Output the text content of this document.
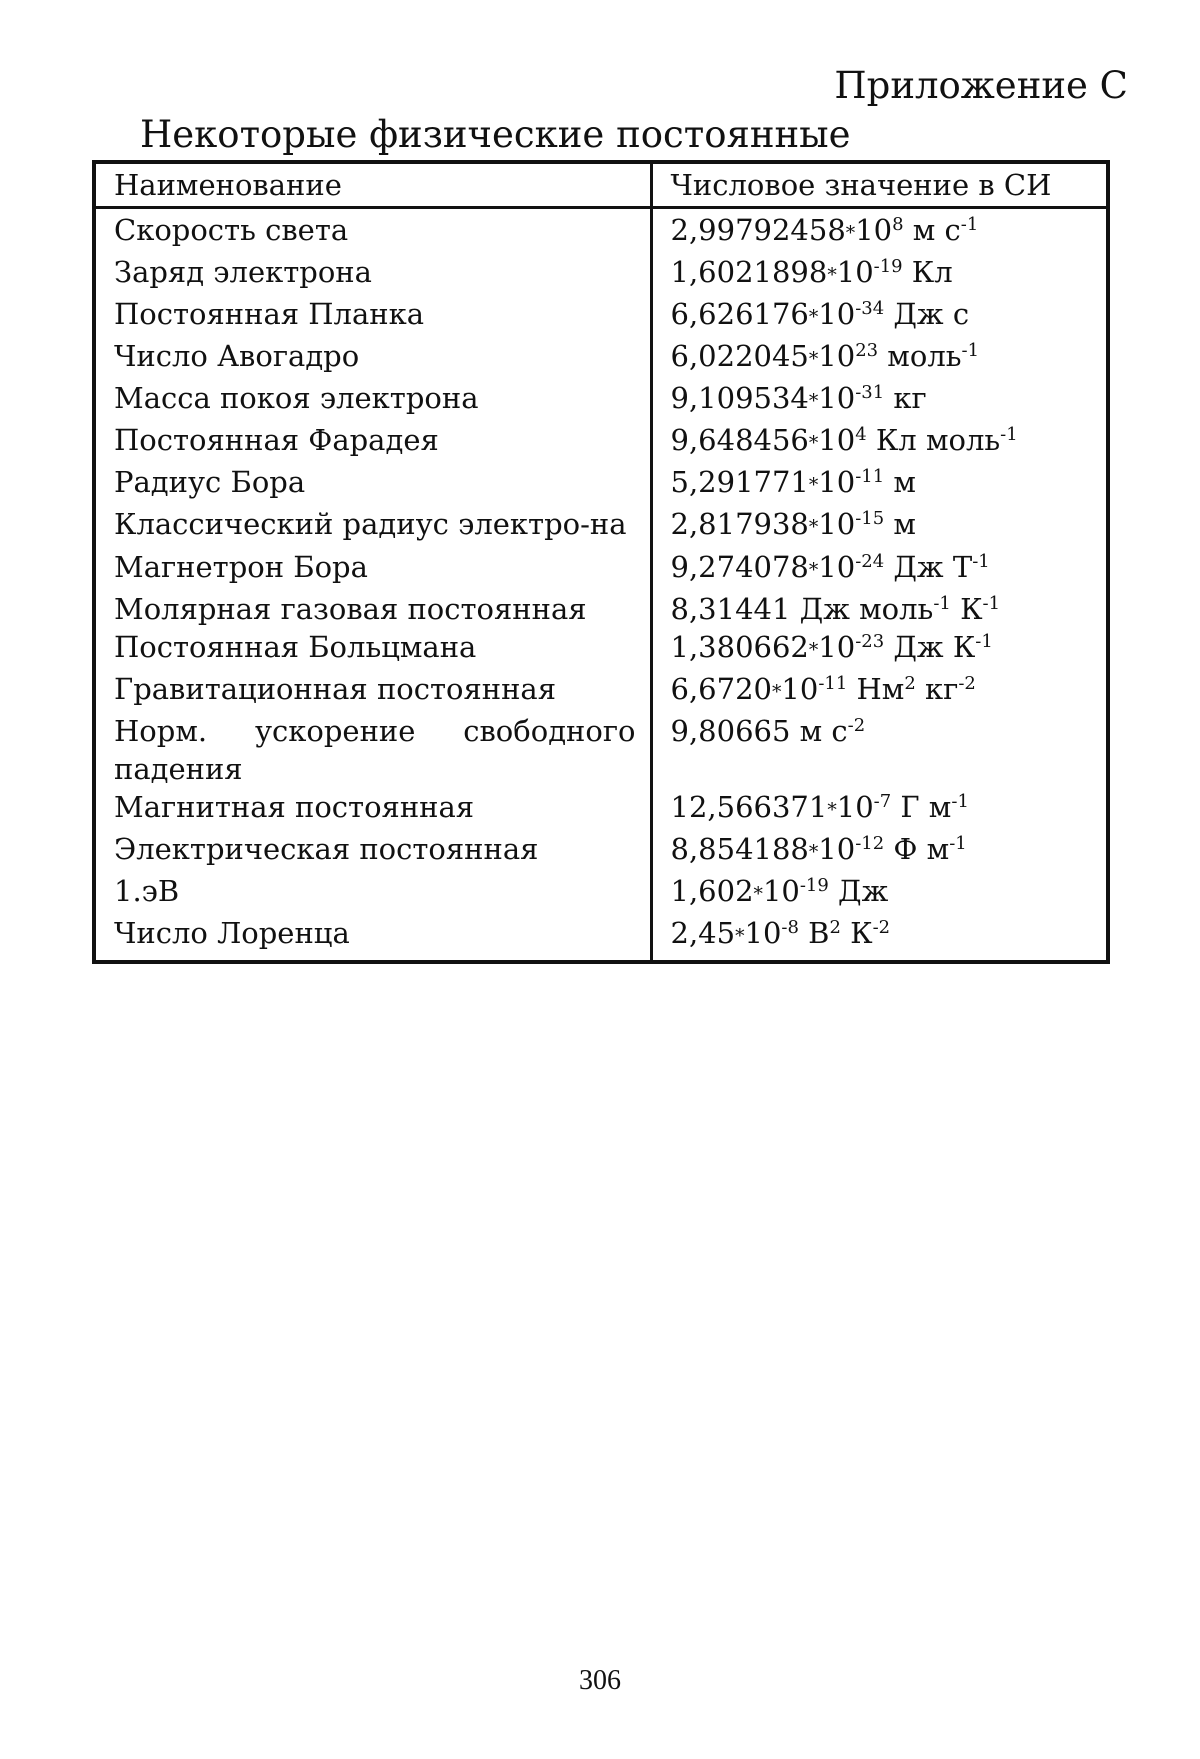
Приложение С
Некоторые физические постоянные
Наименование	Числовое значение в СИ
Скорость света	$2,99792458*10^8$ м $с^{-1}$
Заряд электрона	$1,6021898*10^{-19}$ Кл
Постоянная Планка	$6,626176*10^{-34}$ Дж с
Число Авогадро	$6,022045*10^{23}$ моль$^{-1}$
Масса покоя электрона	$9,109534*10^{-31}$ кг
Постоянная Фарадея	$9,648456*10^4$ Кл моль$^{-1}$
Радиус Бора	$5,291771*10^{-11}$ м
Классический радиус электро-на	$2,817938*10^{-15}$ м
Магнетрон Бора	$9,274078*10^{-24}$ Дж $Т^{-1}$
Молярная газовая постоянная	8,31441 Дж моль$^{-1}$ $К^{-1}$
Постоянная Больцмана	$1,380662*10^{-23}$ Дж $К^{-1}$
Гравитационная постоянная	$6,6720*10^{-11}$ $Нм^2$ $кг^{-2}$
Норм. ускорение свободного падения	9,80665 м $с^{-2}$
Магнитная постоянная	$12,566371*10^{-7}$ Г $м^{-1}$
Электрическая постоянная	$8,854188*10^{-12}$ Ф $м^{-1}$
1.эВ	$1,602*10^{-19}$ Дж
Число Лоренца	$2,45*10^{-8}$ $В^2$ $К^{-2}$
306
